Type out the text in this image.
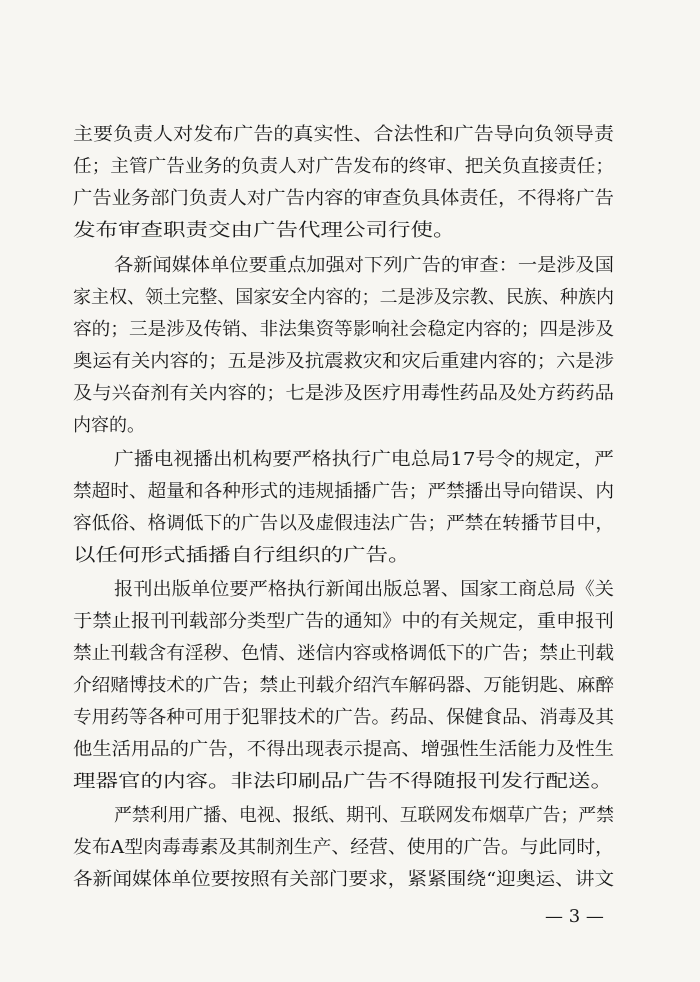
主要负责人对发布广告的真实性、合法性和广告导向负领导责
任；主管广告业务的负责人对广告发布的终审、把关负直接责任；
广告业务部门负责人对广告内容的审查负具体责任，不得将广告
发布审查职责交由广告代理公司行使。
各新闻媒体单位要重点加强对下列广告的审查：一是涉及国
家主权、领土完整、国家安全内容的；二是涉及宗教、民族、种族内
容的；三是涉及传销、非法集资等影响社会稳定内容的；四是涉及
奥运有关内容的；五是涉及抗震救灾和灾后重建内容的；六是涉
及与兴奋剂有关内容的；七是涉及医疗用毒性药品及处方药药品
内容的。
广播电视播出机构要严格执行广电总局17号令的规定，严
禁超时、超量和各种形式的违规插播广告；严禁播出导向错误、内
容低俗、格调低下的广告以及虚假违法广告；严禁在转播节目中，
以任何形式插播自行组织的广告。
报刊出版单位要严格执行新闻出版总署、国家工商总局《关
于禁止报刊刊载部分类型广告的通知》中的有关规定，重申报刊
禁止刊载含有淫秽、色情、迷信内容或格调低下的广告；禁止刊载
介绍赌博技术的广告；禁止刊载介绍汽车解码器、万能钥匙、麻醉
专用药等各种可用于犯罪技术的广告。药品、保健食品、消毒及其
他生活用品的广告，不得出现表示提高、增强性生活能力及性生
理器官的内容。非法印刷品广告不得随报刊发行配送。
严禁利用广播、电视、报纸、期刊、互联网发布烟草广告；严禁
发布A型肉毒毒素及其制剂生产、经营、使用的广告。与此同时，
各新闻媒体单位要按照有关部门要求，紧紧围绕“迎奥运、讲文
— 3 —
